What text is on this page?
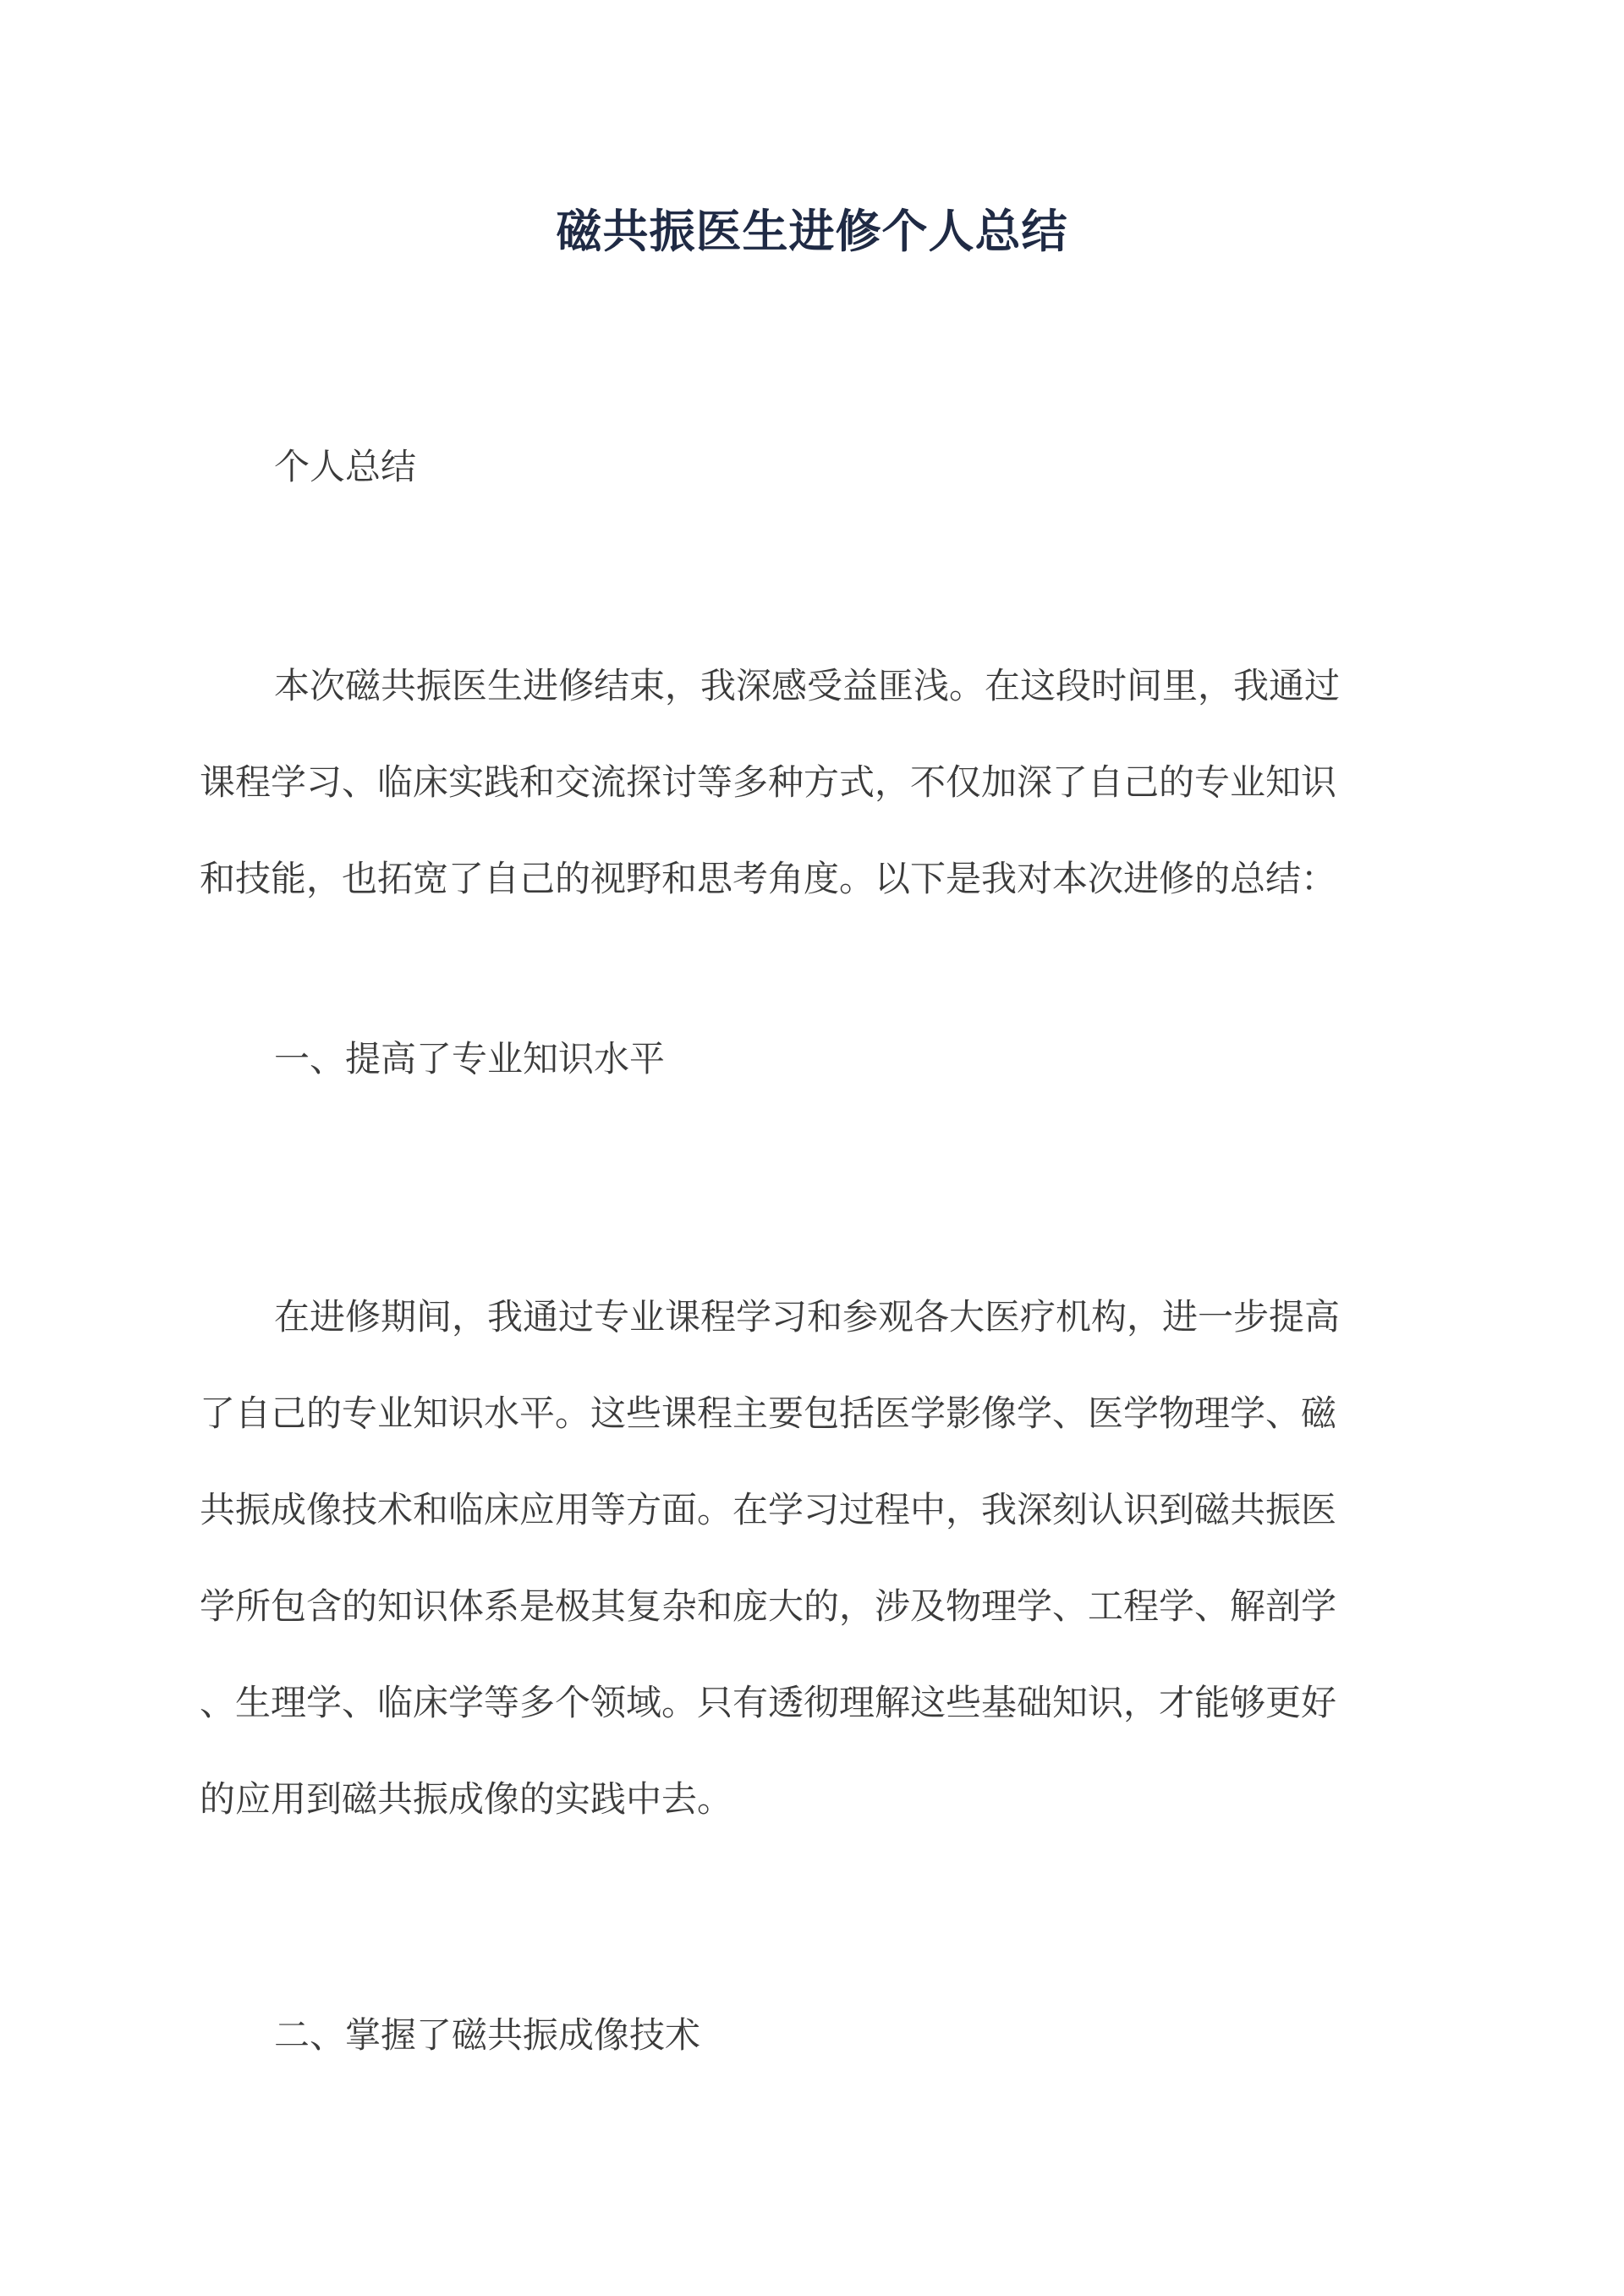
磁共振医生进修个人总结

个人总结

本次磁共振医生进修结束，我深感受益匪浅。在这段时间里，我通过
课程学习、临床实践和交流探讨等多种方式，不仅加深了自己的专业知识
和技能，也拓宽了自己的视野和思考角度。以下是我对本次进修的总结：

一、提高了专业知识水平

在进修期间，我通过专业课程学习和参观各大医疗机构，进一步提高
了自己的专业知识水平。这些课程主要包括医学影像学、医学物理学、磁
共振成像技术和临床应用等方面。在学习过程中，我深刻认识到磁共振医
学所包含的知识体系是极其复杂和庞大的，涉及物理学、工程学、解剖学
、生理学、临床学等多个领域。只有透彻理解这些基础知识，才能够更好
的应用到磁共振成像的实践中去。

二、掌握了磁共振成像技术
